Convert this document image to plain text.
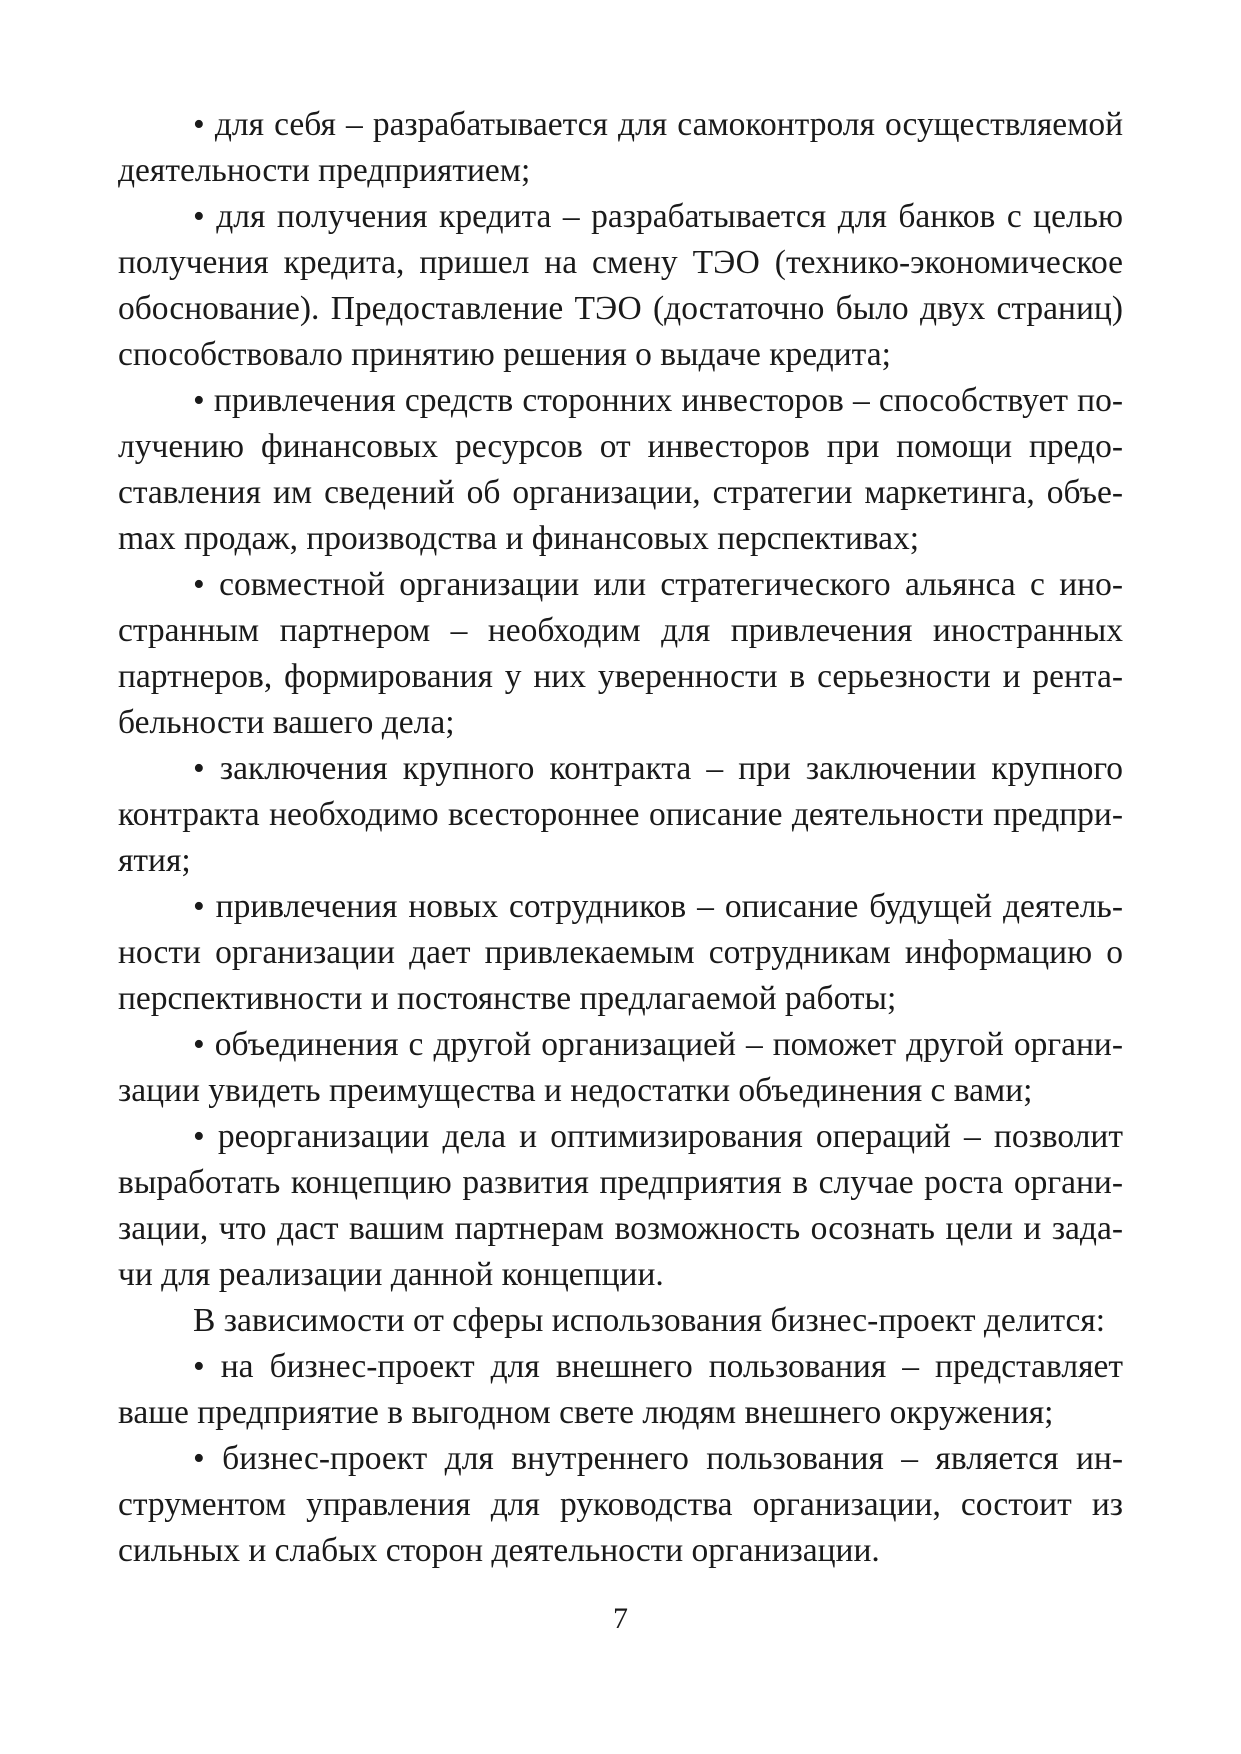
• для себя – разрабатывается для самоконтроля осуществляемой деятельности предприятием;

• для получения кредита – разрабатывается для банков с целью получения кредита, пришел на смену ТЭО (технико-экономическое обоснование). Предоставление ТЭО (достаточно было двух страниц) способствовало принятию решения о выдаче кредита;

• привлечения средств сторонних инвесторов – способствует получению финансовых ресурсов от инвесторов при помощи предоставления им сведений об организации, стратегии маркетинга, объеmах продаж, производства и финансовых перспективах;

• совместной организации или стратегического альянса с иностранным партнером – необходим для привлечения иностранных партнеров, формирования у них уверенности в серьезности и рентабельности вашего дела;

• заключения крупного контракта – при заключении крупного контракта необходимо всестороннее описание деятельности предприятия;

• привлечения новых сотрудников – описание будущей деятельности организации дает привлекаемым сотрудникам информацию о перспективности и постоянстве предлагаемой работы;

• объединения с другой организацией – поможет другой организации увидеть преимущества и недостатки объединения с вами;

• реорганизации дела и оптимизирования операций – позволит выработать концепцию развития предприятия в случае роста организации, что даст вашим партнерам возможность осознать цели и задачи для реализации данной концепции.

В зависимости от сферы использования бизнес-проект делится:

• на бизнес-проект для внешнего пользования – представляет ваше предприятие в выгодном свете людям внешнего окружения;

• бизнес-проект для внутреннего пользования – является инструментом управления для руководства организации, состоит из сильных и слабых сторон деятельности организации.

7
